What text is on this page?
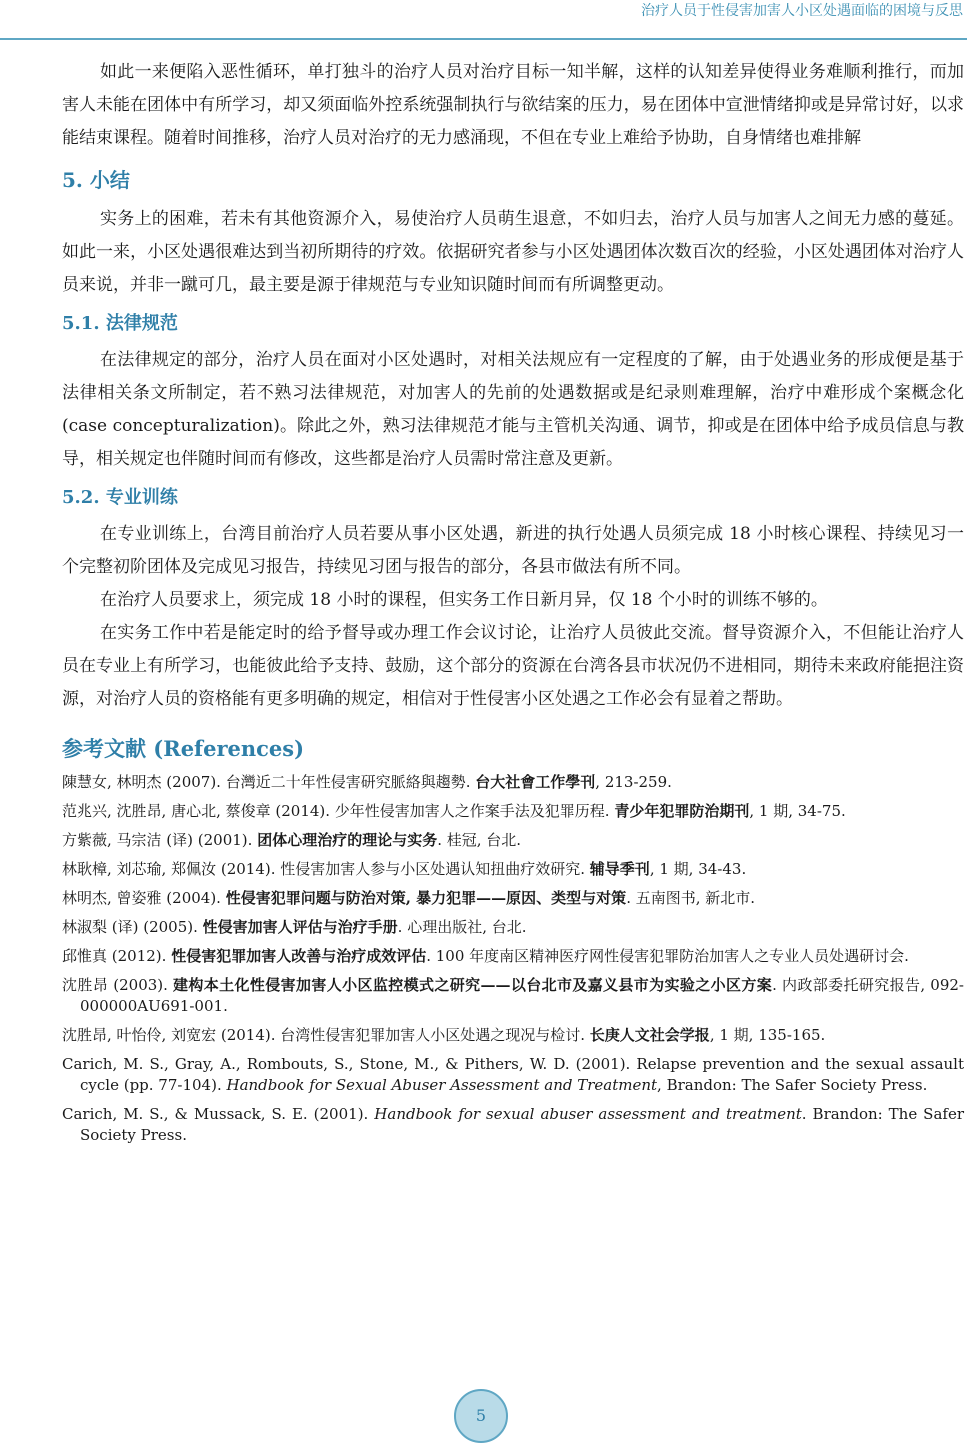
治疗人员于性侵害加害人小区处遇面临的困境与反思

如此一来便陷入恶性循环，单打独斗的治疗人员对治疗目标一知半解，这样的认知差异使得业务难顺利推行，而加害人未能在团体中有所学习，却又须面临外控系统强制执行与欲结案的压力，易在团体中宣泄情绪抑或是异常讨好，以求能结束课程。随着时间推移，治疗人员对治疗的无力感涌现，不但在专业上难给予协助，自身情绪也难排解

5. 小结

实务上的困难，若未有其他资源介入，易使治疗人员萌生退意，不如归去，治疗人员与加害人之间无力感的蔓延。如此一来，小区处遇很难达到当初所期待的疗效。依据研究者参与小区处遇团体次数百次的经验，小区处遇团体对治疗人员来说，并非一蹴可几，最主要是源于律规范与专业知识随时间而有所调整更动。

5.1. 法律规范

在法律规定的部分，治疗人员在面对小区处遇时，对相关法规应有一定程度的了解，由于处遇业务的形成便是基于法律相关条文所制定，若不熟习法律规范，对加害人的先前的处遇数据或是纪录则难理解，治疗中难形成个案概念化(case concepturalization)。除此之外，熟习法律规范才能与主管机关沟通、调节，抑或是在团体中给予成员信息与教导，相关规定也伴随时间而有修改，这些都是治疗人员需时常注意及更新。

5.2. 专业训练

在专业训练上，台湾目前治疗人员若要从事小区处遇，新进的执行处遇人员须完成 18 小时核心课程、持续见习一个完整初阶团体及完成见习报告，持续见习团与报告的部分，各县市做法有所不同。

在治疗人员要求上，须完成 18 小时的课程，但实务工作日新月异，仅 18 个小时的训练不够的。

在实务工作中若是能定时的给予督导或办理工作会议讨论，让治疗人员彼此交流。督导资源介入，不但能让治疗人员在专业上有所学习，也能彼此给予支持、鼓励，这个部分的资源在台湾各县市状况仍不进相同，期待未来政府能挹注资源，对治疗人员的资格能有更多明确的规定，相信对于性侵害小区处遇之工作必会有显着之帮助。

参考文献 (References)

陳慧女, 林明杰 (2007). 台灣近二十年性侵害研究脈絡與趨勢. 台大社會工作學刊, 213-259.

范兆兴, 沈胜昂, 唐心北, 蔡俊章 (2014). 少年性侵害加害人之作案手法及犯罪历程. 青少年犯罪防治期刊, 1 期, 34-75.

方紫薇, 马宗洁 (译) (2001). 团体心理治疗的理论与实务. 桂冠, 台北.

林耿樟, 刘芯瑜, 郑佩汝 (2014). 性侵害加害人参与小区处遇认知扭曲疗效研究. 辅导季刊, 1 期, 34-43.

林明杰, 曾姿雅 (2004). 性侵害犯罪问题与防治对策, 暴力犯罪——原因、类型与对策. 五南图书, 新北市.

林淑梨 (译) (2005). 性侵害加害人评估与治疗手册. 心理出版社, 台北.

邱惟真 (2012). 性侵害犯罪加害人改善与治疗成效评估. 100 年度南区精神医疗网性侵害犯罪防治加害人之专业人员处遇研讨会.

沈胜昂 (2003). 建构本土化性侵害加害人小区监控模式之研究——以台北市及嘉义县市为实验之小区方案. 内政部委托研究报告, 092-000000AU691-001.

沈胜昂, 叶怡伶, 刘宽宏 (2014). 台湾性侵害犯罪加害人小区处遇之现况与检讨. 长庚人文社会学报, 1 期, 135-165.

Carich, M. S., Gray, A., Rombouts, S., Stone, M., & Pithers, W. D. (2001). Relapse prevention and the sexual assault cycle (pp. 77-104). Handbook for Sexual Abuser Assessment and Treatment, Brandon: The Safer Society Press.

Carich, M. S., & Mussack, S. E. (2001). Handbook for sexual abuser assessment and treatment. Brandon: The Safer Society Press.

5
